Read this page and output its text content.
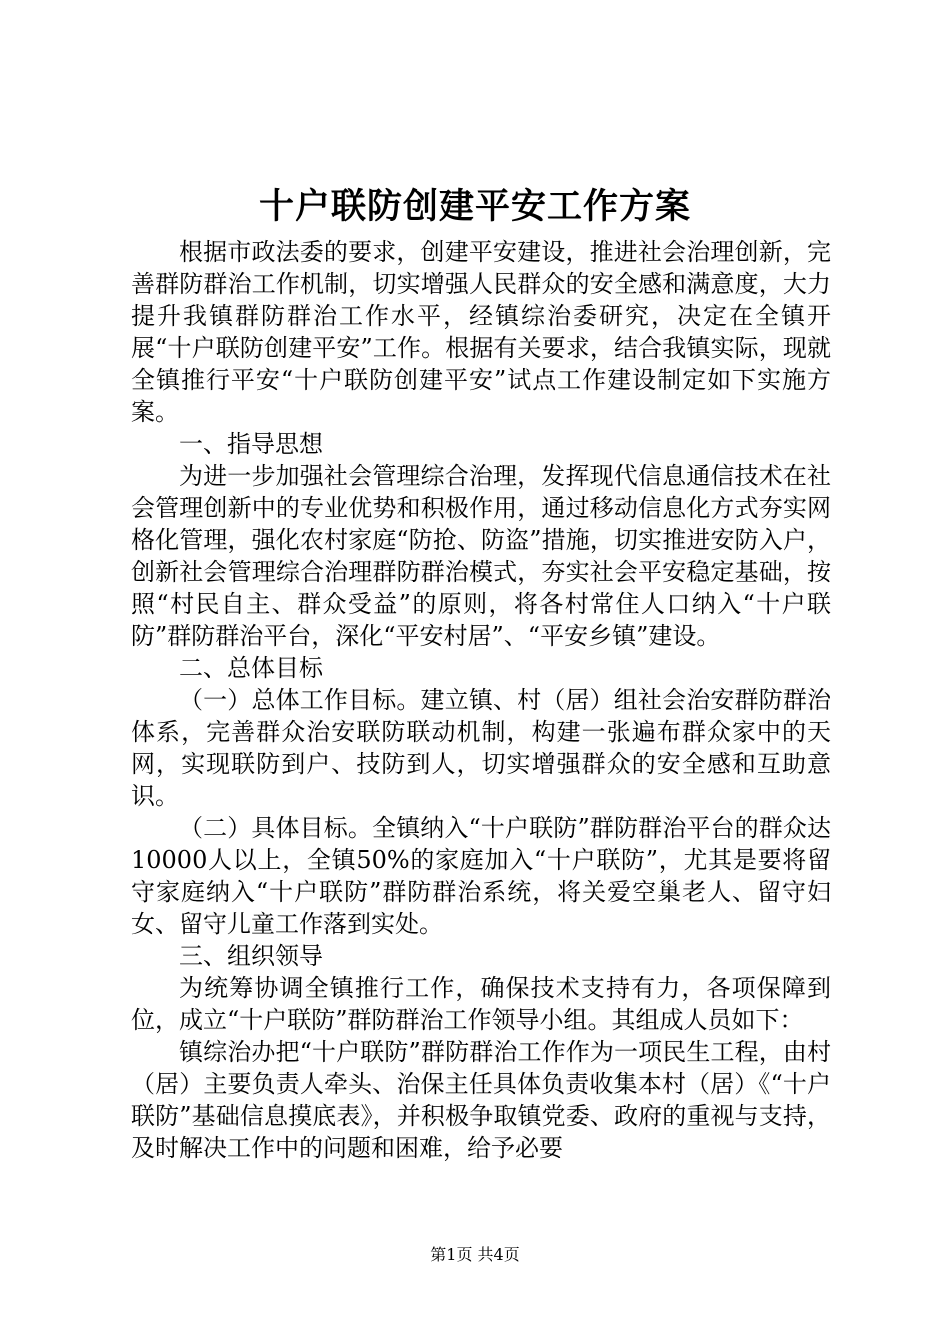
十户联防创建平安工作方案

根据市政法委的要求，创建平安建设，推进社会治理创新，完善群防群治工作机制，切实增强人民群众的安全感和满意度，大力提升我镇群防群治工作水平，经镇综治委研究，决定在全镇开展“十户联防创建平安”工作。根据有关要求，结合我镇实际，现就全镇推行平安“十户联防创建平安”试点工作建设制定如下实施方案。

一、指导思想

为进一步加强社会管理综合治理，发挥现代信息通信技术在社会管理创新中的专业优势和积极作用，通过移动信息化方式夯实网格化管理，强化农村家庭“防抢、防盗”措施，切实推进安防入户，创新社会管理综合治理群防群治模式，夯实社会平安稳定基础，按照“村民自主、群众受益”的原则，将各村常住人口纳入“十户联防”群防群治平台，深化“平安村居”、“平安乡镇”建设。

二、总体目标

（一）总体工作目标。建立镇、村（居）组社会治安群防群治体系，完善群众治安联防联动机制，构建一张遍布群众家中的天网，实现联防到户、技防到人，切实增强群众的安全感和互助意识。

（二）具体目标。全镇纳入“十户联防”群防群治平台的群众达10000人以上，全镇50%的家庭加入“十户联防”，尤其是要将留守家庭纳入“十户联防”群防群治系统，将关爱空巢老人、留守妇女、留守儿童工作落到实处。

三、组织领导

为统筹协调全镇推行工作，确保技术支持有力，各项保障到位，成立“十户联防”群防群治工作领导小组。其组成人员如下：

镇综治办把“十户联防”群防群治工作作为一项民生工程，由村（居）主要负责人牵头、治保主任具体负责收集本村（居）《“十户联防”基础信息摸底表》，并积极争取镇党委、政府的重视与支持，及时解决工作中的问题和困难，给予必要

第1页 共4页
